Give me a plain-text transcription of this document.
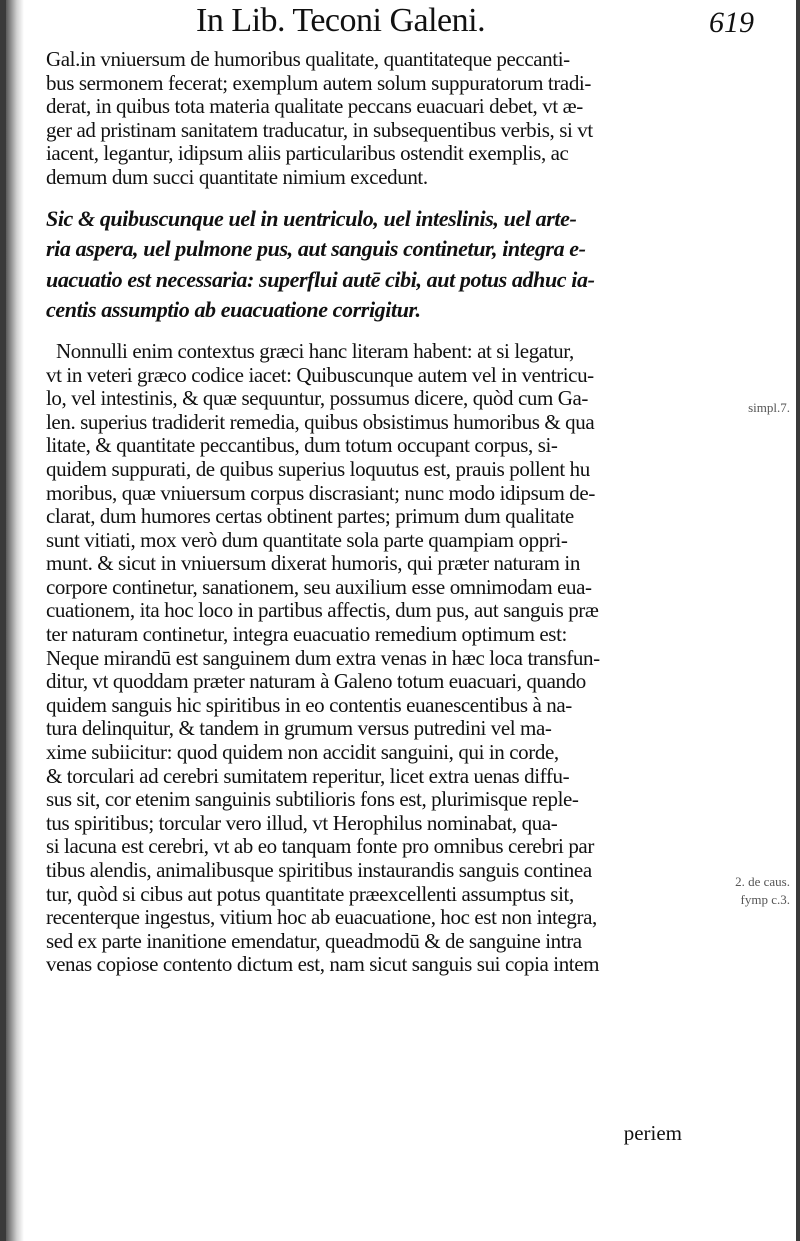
In Lib. Teconi Galeni.	619
Gal.in vniuersum de humoribus qualitate, quantitateque peccanti-
bus sermonem fecerat; exemplum autem solum suppuratorum tradi-
derat, in quibus tota materia qualitate peccans euacuari debet, vt æ-
ger ad pristinam sanitatem traducatur, in subsequentibus verbis, si vt
iacent, legantur, idipsum aliis particularibus ostendit exemplis, ac
demum dum succi quantitate nimium excedunt.
Sic & quibuscunque uel in uentriculo, uel inteslinis, uel arte-
ria aspera, uel pulmone pus, aut sanguis continetur, integra e-
uacuatio est necessaria: superflui autē cibi, aut potus adhuc ia-
centis assumptio ab euacuatione corrigitur.
Nonnulli enim contextus græci hanc literam habent: at si legatur,
vt in veteri græco codice iacet: Quibuscunque autem vel in ventricu-
lo, vel intestinis, & quæ sequuntur, possumus dicere, quòd cum Ga-
len. superius tradiderit remedia, quibus obsistimus humoribus & qua
litate, & quantitate peccantibus, dum totum occupant corpus, si-
quidem suppurati, de quibus superius loquutus est, prauis pollent hu
moribus, quæ vniuersum corpus discrasiant; nunc modo idipsum de-
clarat, dum humores certas obtinent partes; primum dum qualitate
sunt vitiati, mox verò dum quantitate sola parte quampiam oppri-
munt. & sicut in vniuersum dixerat humoris, qui præter naturam in
corpore continetur, sanationem, seu auxilium esse omnimodam eua-
cuationem, ita hoc loco in partibus affectis, dum pus, aut sanguis præ
ter naturam continetur, integra euacuatio remedium optimum est:
Neque mirandū est sanguinem dum extra venas in hæc loca transfun-
ditur, vt quoddam præter naturam à Galeno totum euacuari, quando
quidem sanguis hic spiritibus in eo contentis euanescentibus à na-
tura delinquitur, & tandem in grumum versus putredini vel ma-
xime subiicitur: quod quidem non accidit sanguini, qui in corde,
& torculari ad cerebri sumitatem reperitur, licet extra uenas diffu-
sus sit, cor etenim sanguinis subtilioris fons est, plurimisque reple-
tus spiritibus; torcular vero illud, vt Herophilus nominabat, qua-
si lacuna est cerebri, vt ab eo tanquam fonte pro omnibus cerebri par
tibus alendis, animalibusque spiritibus instaurandis sanguis continea
tur, quòd si cibus aut potus quantitate præexcellenti assumptus sit,
recenterque ingestus, vitium hoc ab euacuatione, hoc est non integra,
sed ex parte inanitione emendatur, queadmodū & de sanguine intra
venas copiose contento dictum est, nam sicut sanguis sui copia intem
periem
simpl.7.
2. de caus.
fymp c.3.
